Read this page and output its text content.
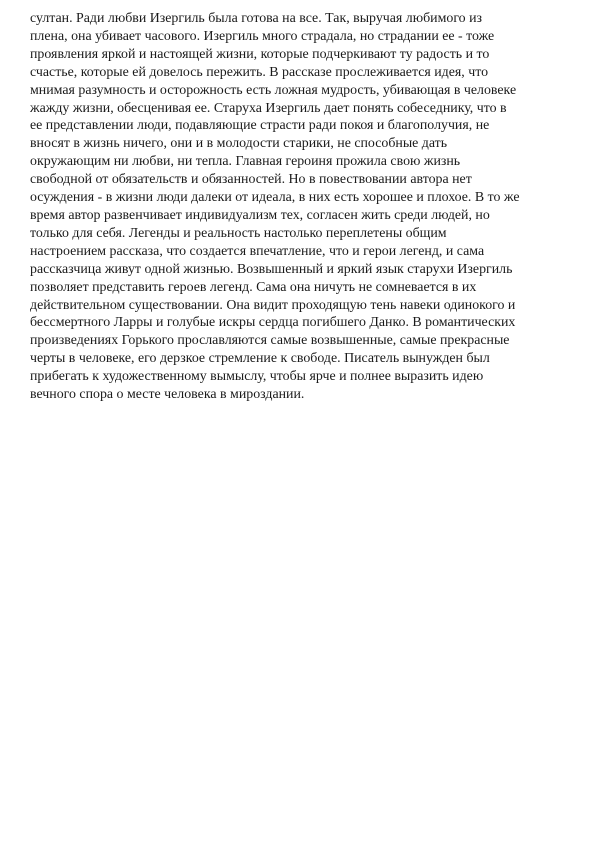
султан. Ради любви Изергиль была готова на все. Так, выручая любимого из
плена, она убивает часового. Изергиль много страдала, но страдании ее - тоже
проявления яркой и настоящей жизни, которые подчеркивают ту радость и то
счастье, которые ей довелось пережить. В рассказе прослеживается идея, что
мнимая разумность и осторожность есть ложная мудрость, убивающая в человеке
жажду жизни, обесценивая ее. Старуха Изергиль дает понять собеседнику, что в
ее представлении люди, подавляющие страсти ради покоя и благополучия, не
вносят в жизнь ничего, они и в молодости старики, не способные дать
окружающим ни любви, ни тепла. Главная героиня прожила свою жизнь
свободной от обязательств и обязанностей. Но в повествовании автора нет
осуждения - в жизни люди далеки от идеала, в них есть хорошее и плохое. В то же
время автор развенчивает индивидуализм тех, согласен жить среди людей, но
только для себя. Легенды и реальность настолько переплетены общим
настроением рассказа, что создается впечатление, что и герои легенд, и сама
рассказчица живут одной жизнью. Возвышенный и яркий язык старухи Изергиль
позволяет представить героев легенд. Сама она ничуть не сомневается в их
действительном существовании. Она видит проходящую тень навеки одинокого и
бессмертного Ларры и голубые искры сердца погибшего Данко. В романтических
произведениях Горького прославляются самые возвышенные, самые прекрасные
черты в человеке, его дерзкое стремление к свободе. Писатель вынужден был
прибегать к художественному вымыслу, чтобы ярче и полнее выразить идею
вечного спора о месте человека в мироздании.
